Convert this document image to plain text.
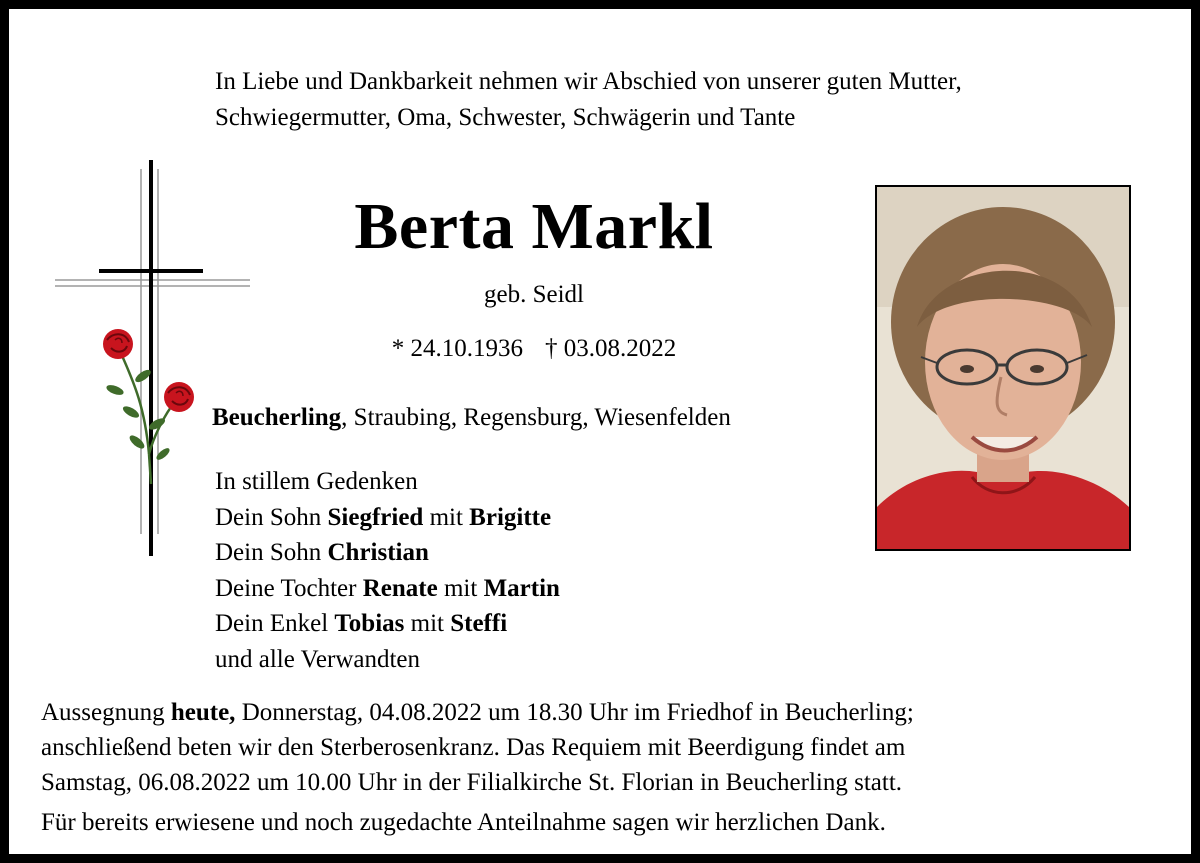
In Liebe und Dankbarkeit nehmen wir Abschied von unserer guten Mutter,
Schwiegermutter, Oma, Schwester, Schwägerin und Tante
Berta Markl
geb. Seidl
* 24.10.1936 † 03.08.2022
Beucherling, Straubing, Regensburg, Wiesenfelden
In stillem Gedenken
Dein Sohn Siegfried mit Brigitte
Dein Sohn Christian
Deine Tochter Renate mit Martin
Dein Enkel Tobias mit Steffi
und alle Verwandten
Aussegnung heute, Donnerstag, 04.08.2022 um 18.30 Uhr im Friedhof in Beucherling;
anschließend beten wir den Sterberosenkranz. Das Requiem mit Beerdigung findet am
Samstag, 06.08.2022 um 10.00 Uhr in der Filialkirche St. Florian in Beucherling statt.
Für bereits erwiesene und noch zugedachte Anteilnahme sagen wir herzlichen Dank.
